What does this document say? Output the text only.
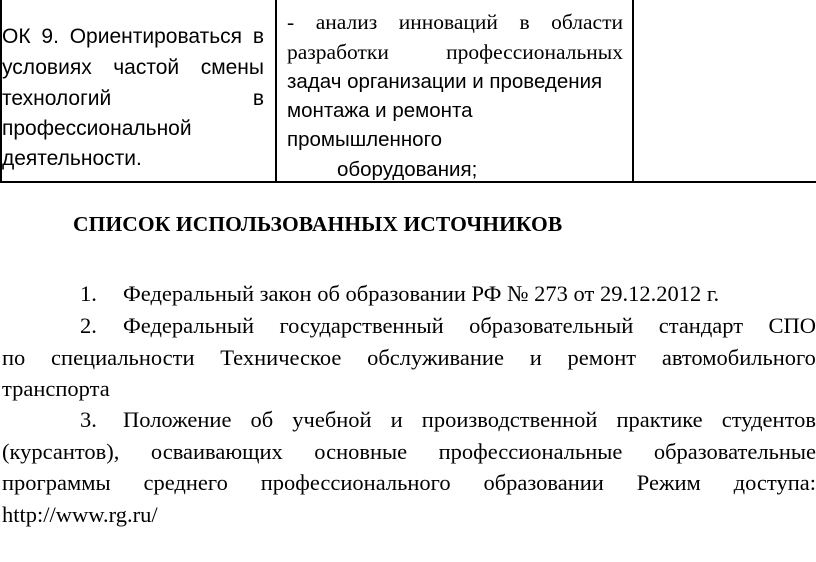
ОК 9. Ориентироваться в
условиях частой смены
технологий	в
профессиональной
деятельности.
- анализ инноваций в области
разработки	профессиональных
задач организации и проведения
монтажа и ремонта
промышленного
оборудования;
СПИСОК ИСПОЛЬЗОВАННЫХ ИСТОЧНИКОВ
1. Федеральный закон об образовании РФ № 273 от 29.12.2012 г.
2. Федеральный государственный образовательный стандарт СПО
по специальности Техническое обслуживание и ремонт автомобильного
транспорта
3. Положение об учебной и производственной практике студентов
(курсантов), осваивающих основные профессиональные образовательные
программы среднего профессионального образовании Режим доступа:
http://www.rg.ru/
